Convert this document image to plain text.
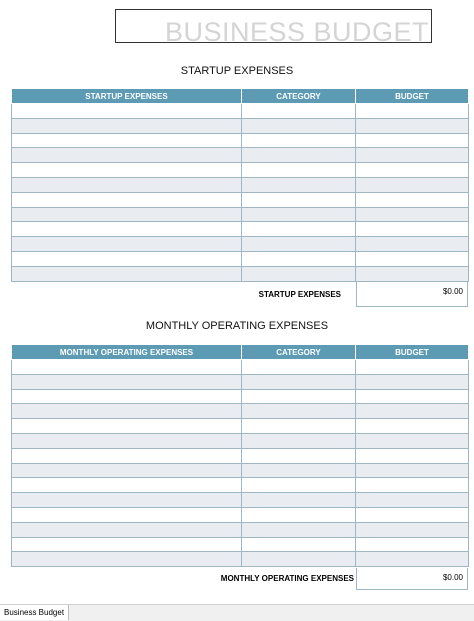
BUSINESS BUDGET
STARTUP EXPENSES
STARTUP EXPENSES	CATEGORY	BUDGET

STARTUP EXPENSES	$0.00
MONTHLY OPERATING EXPENSES
MONTHLY OPERATING EXPENSES	CATEGORY	BUDGET

MONTHLY OPERATING EXPENSES	$0.00
Business Budget
